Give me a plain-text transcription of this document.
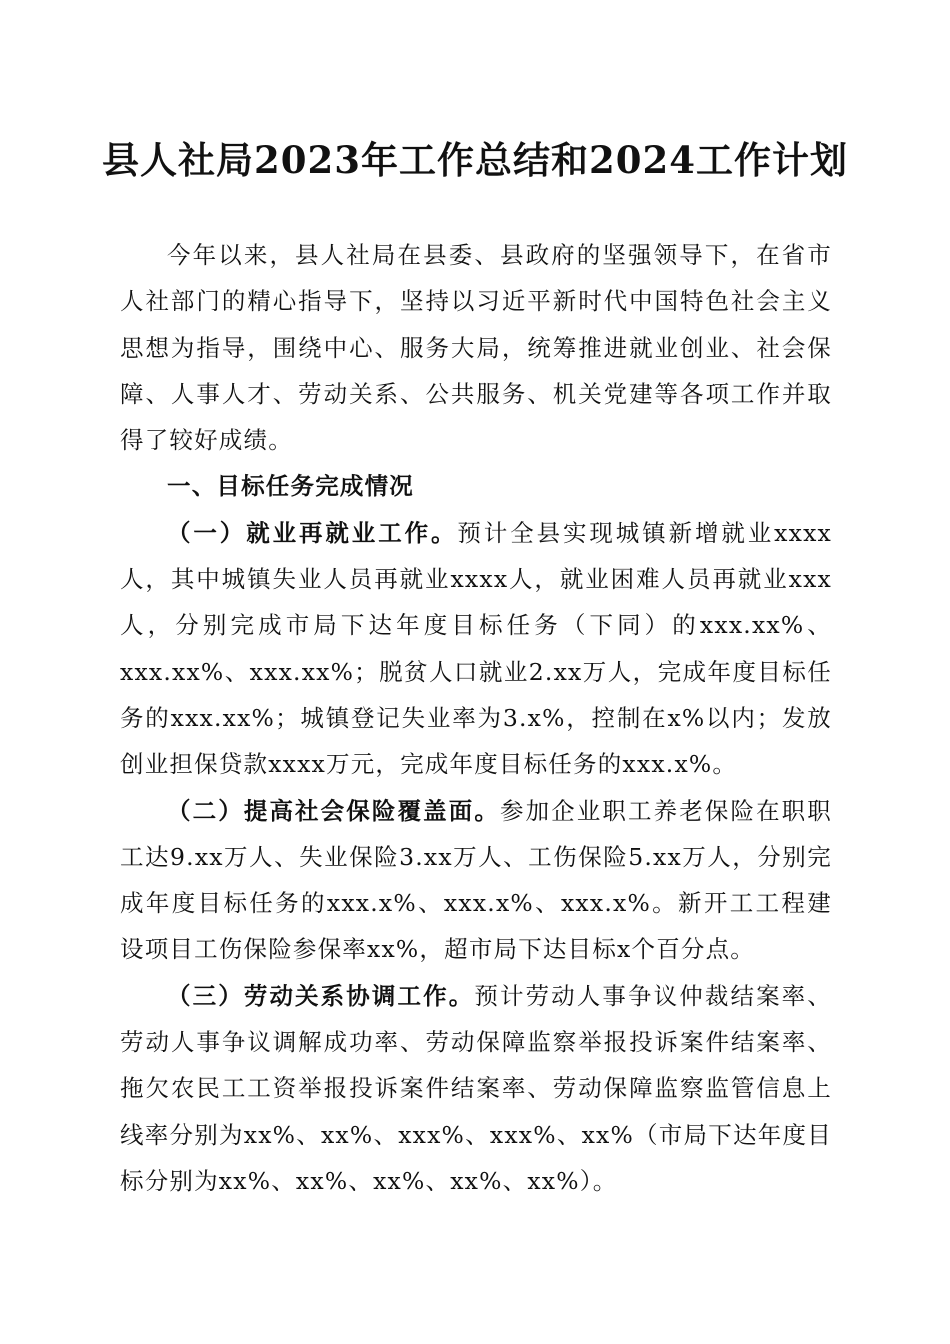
县人社局2023年工作总结和2024工作计划

今年以来，县人社局在县委、县政府的坚强领导下，在省市人社部门的精心指导下，坚持以习近平新时代中国特色社会主义思想为指导，围绕中心、服务大局，统筹推进就业创业、社会保障、人事人才、劳动关系、公共服务、机关党建等各项工作并取得了较好成绩。

一、目标任务完成情况

（一）就业再就业工作。预计全县实现城镇新增就业xxxx人，其中城镇失业人员再就业xxxx人，就业困难人员再就业xxx人，分别完成市局下达年度目标任务（下同）的xxx.xx%、xxx.xx%、xxx.xx%；脱贫人口就业2.xx万人，完成年度目标任务的xxx.xx%；城镇登记失业率为3.x%，控制在x%以内；发放创业担保贷款xxxx万元，完成年度目标任务的xxx.x%。

（二）提高社会保险覆盖面。参加企业职工养老保险在职职工达9.xx万人、失业保险3.xx万人、工伤保险5.xx万人，分别完成年度目标任务的xxx.x%、xxx.x%、xxx.x%。新开工工程建设项目工伤保险参保率xx%，超市局下达目标x个百分点。

（三）劳动关系协调工作。预计劳动人事争议仲裁结案率、劳动人事争议调解成功率、劳动保障监察举报投诉案件结案率、拖欠农民工工资举报投诉案件结案率、劳动保障监察监管信息上线率分别为xx%、xx%、xxx%、xxx%、xx%（市局下达年度目标分别为xx%、xx%、xx%、xx%、xx%）。
